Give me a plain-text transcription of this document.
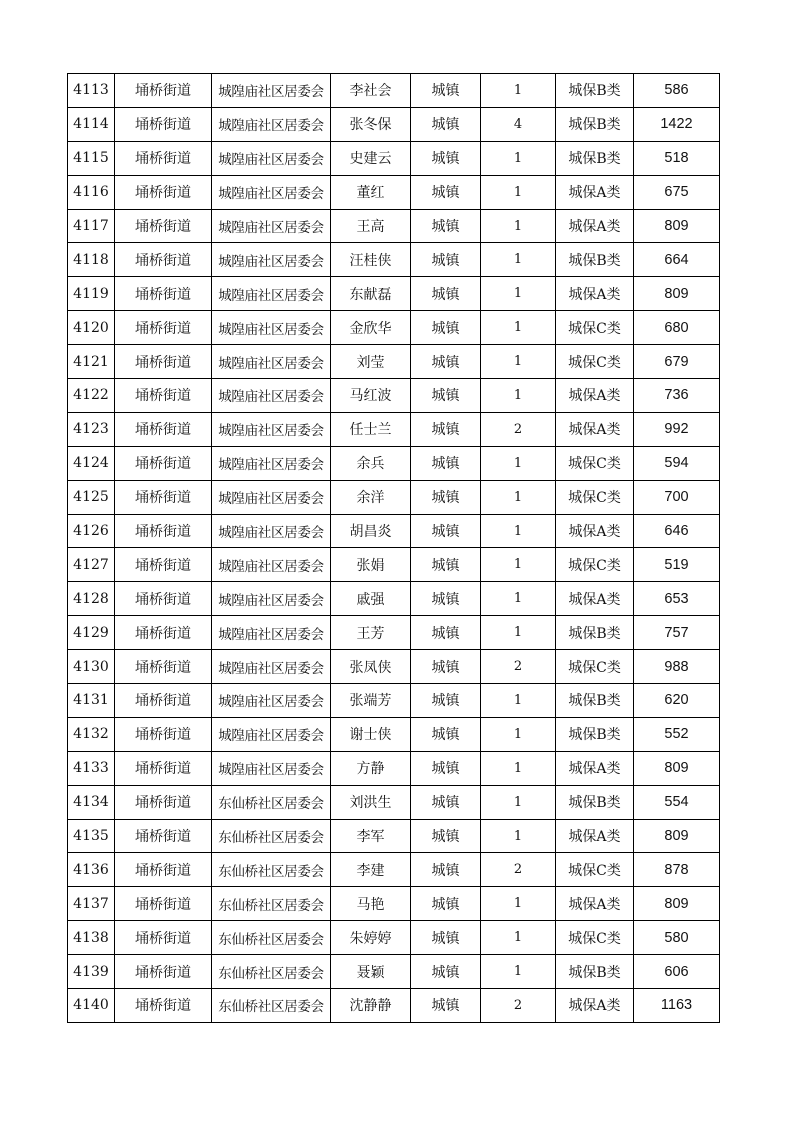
4113	埇桥街道	城隍庙社区居委会	李社会	城镇	1	城保B类	586
4114	埇桥街道	城隍庙社区居委会	张冬保	城镇	4	城保B类	1422
4115	埇桥街道	城隍庙社区居委会	史建云	城镇	1	城保B类	518
4116	埇桥街道	城隍庙社区居委会	董红	城镇	1	城保A类	675
4117	埇桥街道	城隍庙社区居委会	王高	城镇	1	城保A类	809
4118	埇桥街道	城隍庙社区居委会	汪桂侠	城镇	1	城保B类	664
4119	埇桥街道	城隍庙社区居委会	东献磊	城镇	1	城保A类	809
4120	埇桥街道	城隍庙社区居委会	金欣华	城镇	1	城保C类	680
4121	埇桥街道	城隍庙社区居委会	刘莹	城镇	1	城保C类	679
4122	埇桥街道	城隍庙社区居委会	马红波	城镇	1	城保A类	736
4123	埇桥街道	城隍庙社区居委会	任士兰	城镇	2	城保A类	992
4124	埇桥街道	城隍庙社区居委会	余兵	城镇	1	城保C类	594
4125	埇桥街道	城隍庙社区居委会	余洋	城镇	1	城保C类	700
4126	埇桥街道	城隍庙社区居委会	胡昌炎	城镇	1	城保A类	646
4127	埇桥街道	城隍庙社区居委会	张娟	城镇	1	城保C类	519
4128	埇桥街道	城隍庙社区居委会	戚强	城镇	1	城保A类	653
4129	埇桥街道	城隍庙社区居委会	王芳	城镇	1	城保B类	757
4130	埇桥街道	城隍庙社区居委会	张凤侠	城镇	2	城保C类	988
4131	埇桥街道	城隍庙社区居委会	张端芳	城镇	1	城保B类	620
4132	埇桥街道	城隍庙社区居委会	谢士侠	城镇	1	城保B类	552
4133	埇桥街道	城隍庙社区居委会	方静	城镇	1	城保A类	809
4134	埇桥街道	东仙桥社区居委会	刘洪生	城镇	1	城保B类	554
4135	埇桥街道	东仙桥社区居委会	李军	城镇	1	城保A类	809
4136	埇桥街道	东仙桥社区居委会	李建	城镇	2	城保C类	878
4137	埇桥街道	东仙桥社区居委会	马艳	城镇	1	城保A类	809
4138	埇桥街道	东仙桥社区居委会	朱婷婷	城镇	1	城保C类	580
4139	埇桥街道	东仙桥社区居委会	聂颖	城镇	1	城保B类	606
4140	埇桥街道	东仙桥社区居委会	沈静静	城镇	2	城保A类	1163
